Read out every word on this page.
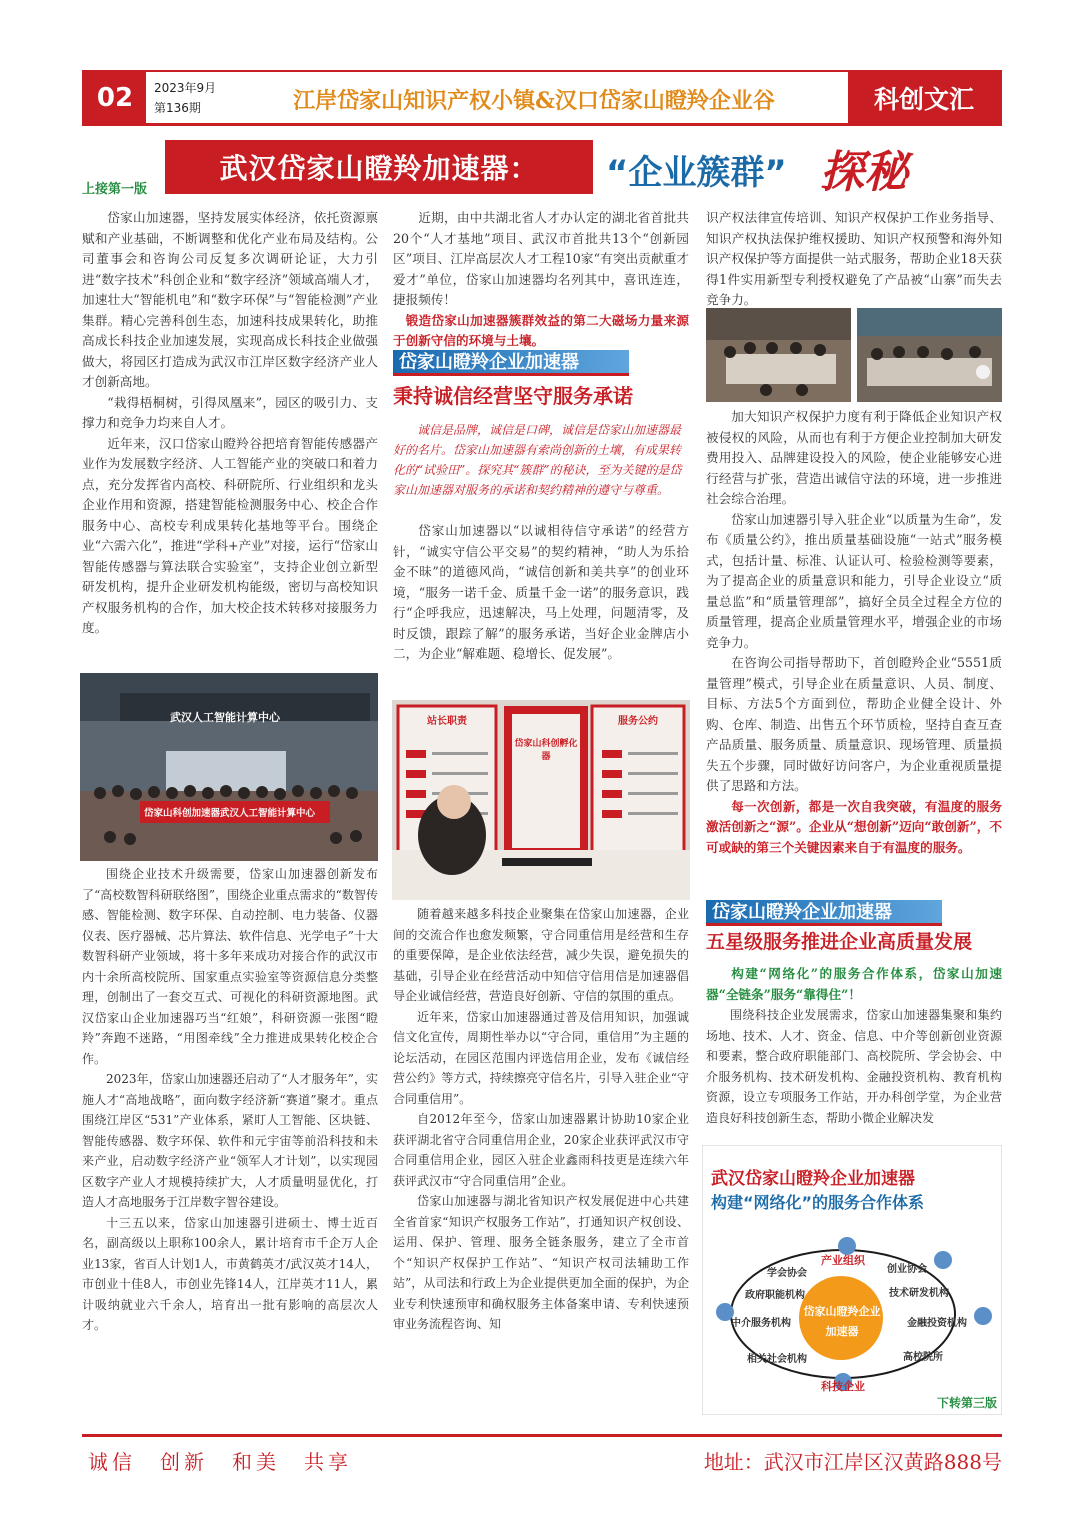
02	2023年9月
第136期	江岸岱家山知识产权小镇&汉口岱家山瞪羚企业谷	科创文汇
上接第一版
武汉岱家山瞪羚加速器：	“企业簇群” 探秘

岱家山加速器，坚持发展实体经济，依托资源禀赋和产业基础，不断调整和优化产业布局及结构。公司董事会和咨询公司反复多次调研论证，大力引进“数字技术”科创企业和“数字经济”领域高端人才，加速壮大“智能机电”和“数字环保”与“智能检测”产业集群。精心完善科创生态，加速科技成果转化，助推高成长科技企业加速发展，实现高成长科技企业做强做大，将园区打造成为武汉市江岸区数字经济产业人才创新高地。

“栽得梧桐树，引得凤凰来”，园区的吸引力、支撑力和竞争力均来自人才。

近年来，汉口岱家山瞪羚谷把培育智能传感器产业作为发展数字经济、人工智能产业的突破口和着力点，充分发挥省内高校、科研院所、行业组织和龙头企业作用和资源，搭建智能检测服务中心、校企合作服务中心、高校专利成果转化基地等平台。围绕企业“六需六化”，推进“学科+产业”对接，运行“岱家山智能传感器与算法联合实验室”，支持企业创立新型研发机构，提升企业研发机构能级，密切与高校知识产权服务机构的合作，加大校企技术转移对接服务力度。

武汉人工智能计算中心
岱家山科创加速器武汉人工智能计算中心

围绕企业技术升级需要，岱家山加速器创新发布了“高校数智科研联络图”，围绕企业重点需求的“数智传感、智能检测、数字环保、自动控制、电力装备、仪器仪表、医疗器械、芯片算法、软件信息、光学电子”十大数智科研产业领域，将十多年来成功对接合作的武汉市内十余所高校院所、国家重点实验室等资源信息分类整理，创制出了一套交互式、可视化的科研资源地图。武汉岱家山企业加速器巧当“红娘”，科研资源一张图“瞪羚”奔跑不迷路，“用图牵线”全力推进成果转化校企合作。

2023年，岱家山加速器还启动了“人才服务年”，实施人才“高地战略”，面向数字经济新“赛道”聚才。重点围绕江岸区“531”产业体系，紧盯人工智能、区块链、智能传感器、数字环保、软件和元宇宙等前沿科技和未来产业，启动数字经济产业“领军人才计划”，以实现园区数字产业人才规模持续扩大，人才质量明显优化，打造人才高地服务于江岸数字智谷建设。

十三五以来，岱家山加速器引进硕士、博士近百名，副高级以上职称100余人，累计培育市千企万人企业13家，省百人计划1人，市黄鹤英才/武汉英才14人，市创业十佳8人，市创业先锋14人，江岸英才11人，累计吸纳就业六千余人，培育出一批有影响的高层次人才。

近期，由中共湖北省人才办认定的湖北省首批共20个“人才基地”项目、武汉市首批共13个“创新园区”项目、江岸高层次人才工程10家“有突出贡献重才爱才”单位，岱家山加速器均名列其中，喜讯连连，捷报频传！

锻造岱家山加速器簇群效益的第二大磁场力量来源于创新守信的环境与土壤。
岱家山瞪羚企业加速器
秉持诚信经营坚守服务承诺
诚信是品牌，诚信是口碑，诚信是岱家山加速器最好的名片。岱家山加速器有索尚创新的土壤，有成果转化的“试验田”。探究其“簇群”的秘诀，至为关键的是岱家山加速器对服务的承诺和契约精神的遵守与尊重。

岱家山加速器以“以诚相待信守承诺”的经营方针，“诚实守信公平交易”的契约精神，“助人为乐拾金不昧”的道德风尚，“诚信创新和美共享”的创业环境，“服务一诺千金、质量千金一诺”的服务意识，践行“企呼我应，迅速解决，马上处理，问题清零，及时反馈，跟踪了解”的服务承诺，当好企业金牌店小二，为企业“解难题、稳增长、促发展”。

岱家山科创孵化器
站长职责	服务公约

随着越来越多科技企业聚集在岱家山加速器，企业间的交流合作也愈发频繁，守合同重信用是经营和生存的重要保障，是企业依法经营，减少失误，避免损失的基础，引导企业在经营活动中知信守信用信是加速器倡导企业诚信经营，营造良好创新、守信的氛围的重点。

近年来，岱家山加速器通过普及信用知识，加强诚信文化宣传，周期性举办以“守合同，重信用”为主题的论坛活动，在园区范围内评选信用企业，发布《诚信经营公约》等方式，持续擦亮守信名片，引导入驻企业“守合同重信用”。

自2012年至今，岱家山加速器累计协助10家企业获评湖北省守合同重信用企业，20家企业获评武汉市守合同重信用企业，园区入驻企业鑫雨科技更是连续六年获评武汉市“守合同重信用”企业。

岱家山加速器与湖北省知识产权发展促进中心共建全省首家“知识产权服务工作站”，打通知识产权创设、运用、保护、管理、服务全链条服务，建立了全市首个“知识产权保护工作站”、“知识产权司法辅助工作站”，从司法和行政上为企业提供更加全面的保护，为企业专利快速预审和确权服务主体备案申请、专利快速预审业务流程咨询、知

识产权法律宣传培训、知识产权保护工作业务指导、知识产权执法保护维权援助、知识产权预警和海外知识产权保护等方面提供一站式服务，帮助企业18天获得1件实用新型专利授权避免了产品被“山寨”而失去竞争力。

加大知识产权保护力度有利于降低企业知识产权被侵权的风险，从而也有利于方便企业控制加大研发费用投入、品牌建设投入的风险，使企业能够安心进行经营与扩张，营造出诚信守法的环境，进一步推进社会综合治理。

岱家山加速器引导入驻企业“以质量为生命”，发布《质量公约》，推出质量基础设施“一站式”服务模式，包括计量、标准、认证认可、检验检测等要素，为了提高企业的质量意识和能力，引导企业设立“质量总监”和“质量管理部”，搞好全员全过程全方位的质量管理，提高企业质量管理水平，增强企业的市场竞争力。

在咨询公司指导帮助下，首创瞪羚企业“5551质量管理”模式，引导企业在质量意识、人员、制度、目标、方法5个方面到位，帮助企业健全设计、外购、仓库、制造、出售五个环节质检，坚持自查互查产品质量、服务质量、质量意识、现场管理、质量损失五个步骤，同时做好访问客户，为企业重视质量提供了思路和方法。

每一次创新，都是一次自我突破，有温度的服务激活创新之“源”。企业从“想创新”迈向“敢创新”，不可或缺的第三个关键因素来自于有温度的服务。
岱家山瞪羚企业加速器
五星级服务推进企业高质量发展
构建“网络化”的服务合作体系，岱家山加速器“全链条”服务“靠得住”！

围绕科技企业发展需求，岱家山加速器集聚和集约场地、技术、人才、资金、信息、中介等创新创业资源和要素，整合政府职能部门、高校院所、学会协会、中介服务机构、技术研发机构、金融投资机构、教育机构资源，设立专项服务工作站，开办科创学堂，为企业营造良好科技创新生态，帮助小微企业解决发

武汉岱家山瞪羚企业加速器
构建“网络化”的服务合作体系
岱家山瞪羚企业
加速器
产业组织
学会协会	创业协会
政府职能机构	技术研发机构
中介服务机构	金融投资机构
相关社会机构	高校院所
科技企业
下转第三版
诚信　创新　和美　共享	地址：武汉市江岸区汉黄路888号
